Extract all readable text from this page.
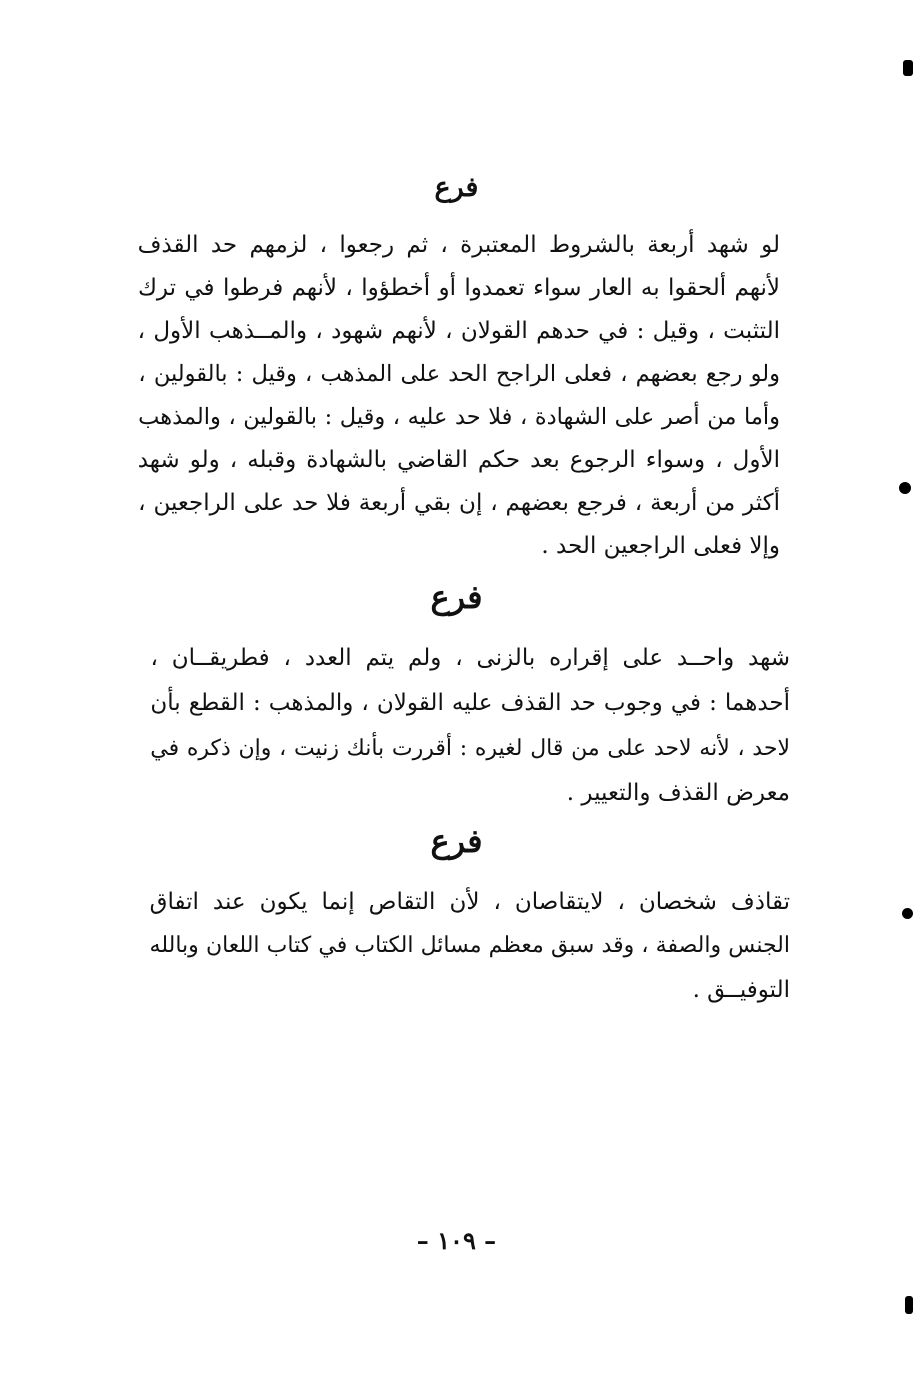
فرع
لو شهد أربعة بالشروط المعتبرة ، ثم رجعوا ، لزمهم حد القذف
لأنهم ألحقوا به العار سواء تعمدوا أو أخطؤوا ، لأنهم فرطوا في ترك
التثبت ، وقيل : في حدهم القولان ، لأنهم شهود ، والمــذهب الأول ،
ولو رجع بعضهم ، فعلى الراجح الحد على المذهب ، وقيل : بالقولين ،
وأما من أصر على الشهادة ، فلا حد عليه ، وقيل : بالقولين ، والمذهب
الأول ، وسواء الرجوع بعد حكم القاضي بالشهادة وقبله ، ولو شهد
أكثر من أربعة ، فرجع بعضهم ، إن بقي أربعة فلا حد على الراجعين ،
وإلا فعلى الراجعين الحد .
فرع
شهد واحــد على إقراره بالزنى ، ولم يتم العدد ، فطريقــان ،
أحدهما : في وجوب حد القذف عليه القولان ، والمذهب : القطع بأن
لاحد ، لأنه لاحد على من قال لغيره : أقررت بأنك زنيت ، وإن ذكره في
معرض القذف والتعيير .
فرع
تقاذف شخصان ، لايتقاصان ، لأن التقاص إنما يكون عند اتفاق
الجنس والصفة ، وقد سبق معظم مسائل الكتاب في كتاب اللعان وبالله
التوفيــق .
– ١٠٩ –
